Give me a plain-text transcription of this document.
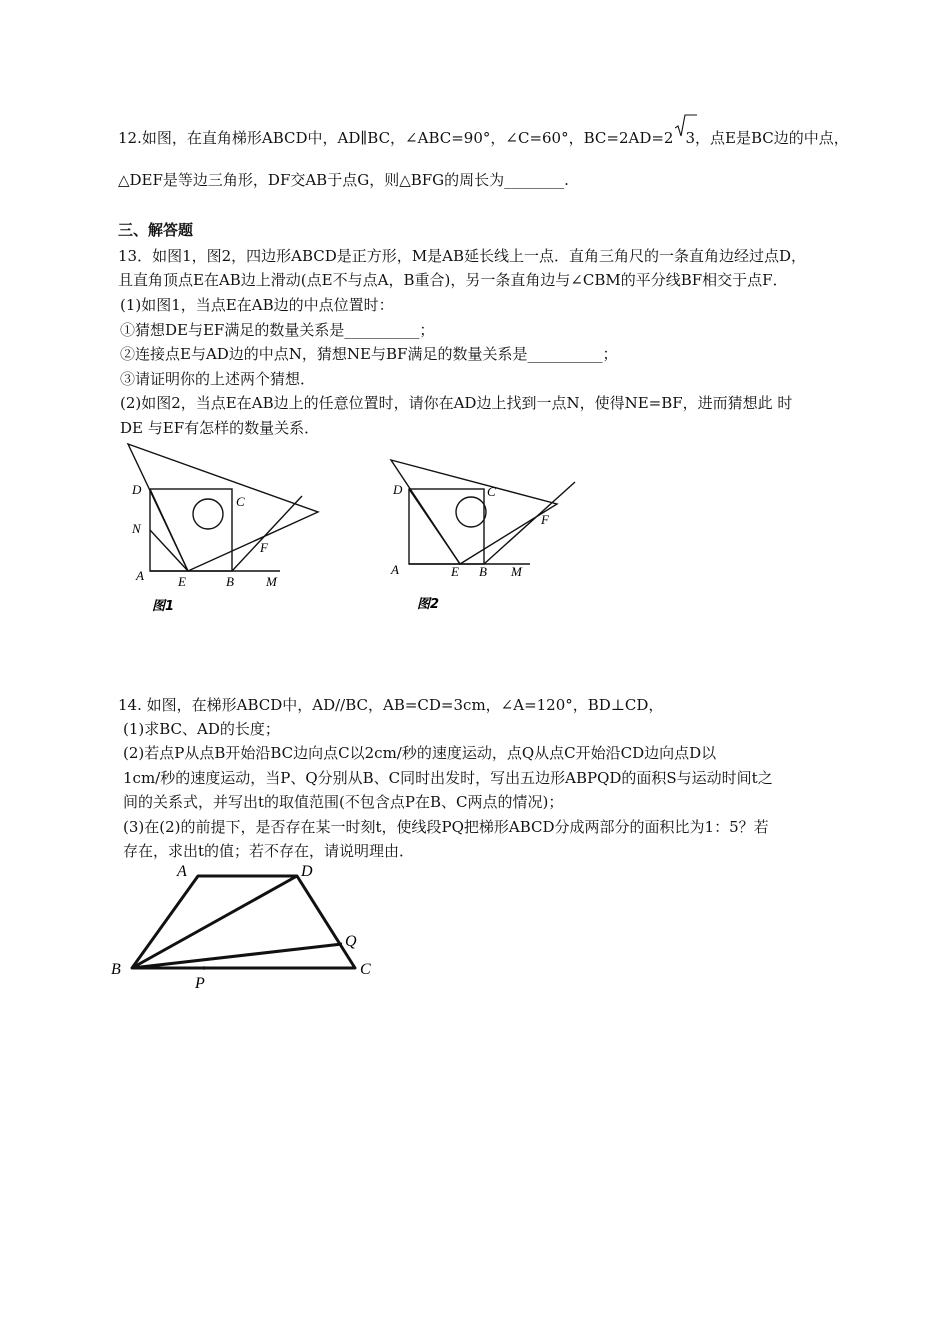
12.如图，在直角梯形ABCD中，AD∥BC，∠ABC=90°，∠C=60°，BC=2AD=2 3，点E是BC边的中点，
△DEF是等边三角形，DF交AB于点G，则△BFG的周长为________.
三、解答题
13．如图1，图2，四边形ABCD是正方形，M是AB延长线上一点．直角三角尺的一条直角边经过点D，
且直角顶点E在AB边上滑动(点E不与点A，B重合)，另一条直角边与∠CBM的平分线BF相交于点F．
(1)如图1，当点E在AB边的中点位置时：
①猜想DE与EF满足的数量关系是__________；
②连接点E与AD边的中点N，猜想NE与BF满足的数量关系是__________；
③请证明你的上述两个猜想．
(2)如图2，当点E在AB边上的任意位置时，请你在AD边上找到一点N，使得NE=BF，进而猜想此 时
DE 与EF有怎样的数量关系．
D
C
N
F
A	E	B M
图1
D	C
F
A	E B M
图2
14. 如图，在梯形ABCD中，AD//BC，AB=CD=3cm，∠A=120°，BD⊥CD，
(1)求BC、AD的长度；
(2)若点P从点B开始沿BC边向点C以2cm/秒的速度运动，点Q从点C开始沿CD边向点D以
1cm/秒的速度运动，当P、Q分别从B、C同时出发时，写出五边形ABPQD的面积S与运动时间t之
间的关系式，并写出t的取值范围(不包含点P在B、C两点的情况)；
(3)在(2)的前提下，是否存在某一时刻t，使线段PQ把梯形ABCD分成两部分的面积比为1：5？若
存在，求出t的值；若不存在，请说明理由．
A	D
Q
B
P
C
